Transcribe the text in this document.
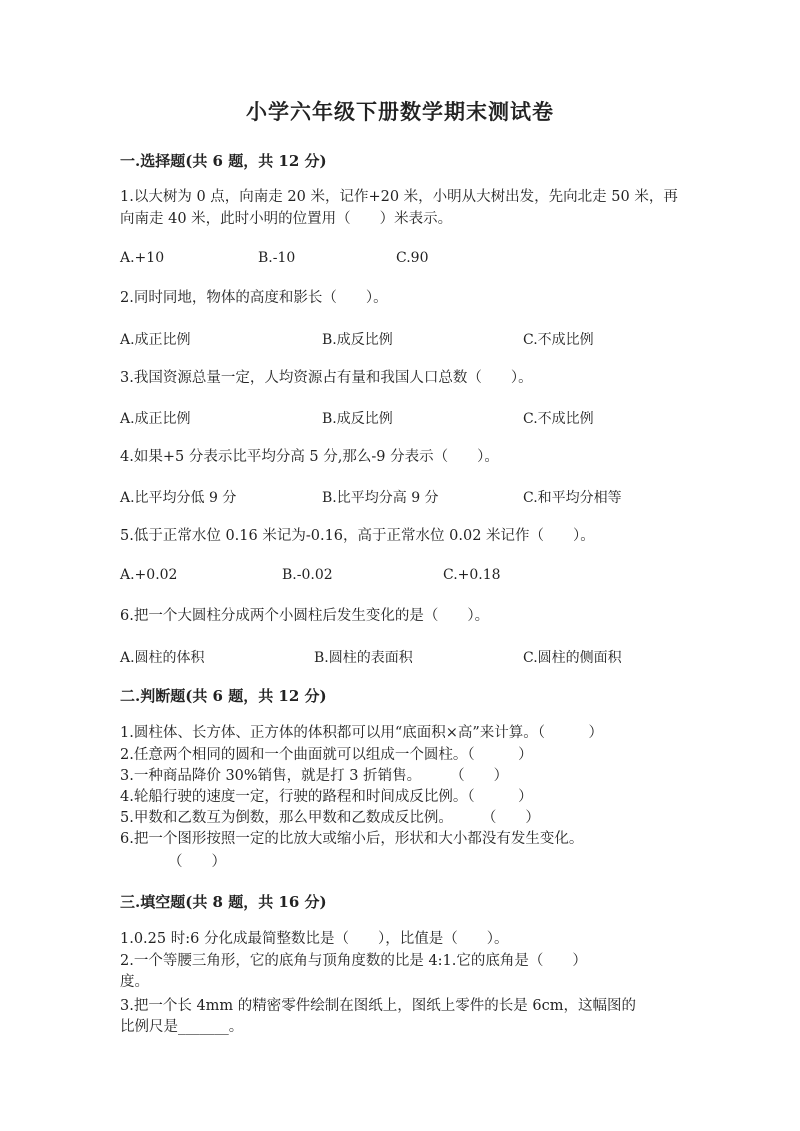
小学六年级下册数学期末测试卷
一.选择题(共 6 题，共 12 分)
1.以大树为 0 点，向南走 20 米，记作+20 米，小明从大树出发，先向北走 50 米，再向南走 40 米，此时小明的位置用（　　）米表示。
A.+10	B.-10	C.90
2.同时同地，物体的高度和影长（　　）。
A.成正比例	B.成反比例	C.不成比例
3.我国资源总量一定，人均资源占有量和我国人口总数（　　）。
A.成正比例	B.成反比例	C.不成比例
4.如果+5 分表示比平均分高 5 分,那么-9 分表示（　　）。
A.比平均分低 9 分	B.比平均分高 9 分	C.和平均分相等
5.低于正常水位 0.16 米记为-0.16，高于正常水位 0.02 米记作（　　）。
A.+0.02	B.-0.02	C.+0.18
6.把一个大圆柱分成两个小圆柱后发生变化的是（　　）。
A.圆柱的体积	B.圆柱的表面积	C.圆柱的侧面积
二.判断题(共 6 题，共 12 分)
1.圆柱体、长方体、正方体的体积都可以用“底面积×高”来计算。（　　　）
2.任意两个相同的圆和一个曲面就可以组成一个圆柱。（　　　）
3.一种商品降价 30%销售，就是打 3 折销售。　　　（　　）
4.轮船行驶的速度一定，行驶的路程和时间成反比例。（　　　）
5.甲数和乙数互为倒数，那么甲数和乙数成反比例。　　　（　　）
6.把一个图形按照一定的比放大或缩小后，形状和大小都没有发生变化。
（　　）
三.填空题(共 8 题，共 16 分)
1.0.25 时:6 分化成最简整数比是（　　），比值是（　　）。
2.一个等腰三角形，它的底角与顶角度数的比是 4:1.它的底角是（　　）
度。
3.把一个长 4mm 的精密零件绘制在图纸上，图纸上零件的长是 6cm，这幅图的
比例尺是_______。
